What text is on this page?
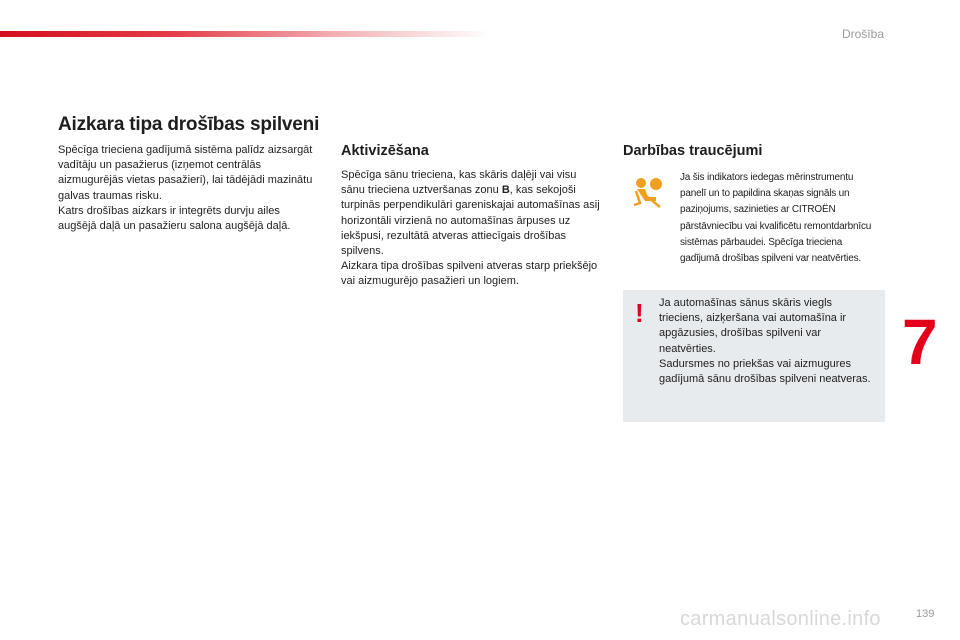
Drošība
Aizkara tipa drošības spilveni

Spēcīga trieciena gadījumā sistēma palīdz aizsargāt vadītāju un pasažierus (izņemot centrālās aizmugurējās vietas pasažieri), lai tādējādi mazinātu galvas traumas risku.

Katrs drošības aizkars ir integrēts durvju ailes augšējā daļā un pasažieru salona augšējā daļā.

Aktivizēšana

Spēcīga sānu trieciena, kas skāris daļēji vai visu sānu trieciena uztveršanas zonu B, kas sekojoši turpinās perpendikulāri gareniskajai automašīnas asij horizontāli virzienā no automašīnas ārpuses uz iekšpusi, rezultātā atveras attiecīgais drošības spilvens.

Aizkara tipa drošības spilveni atveras starp priekšējo vai aizmugurējo pasažieri un logiem.

Darbības traucējumi

Ja šis indikators iedegas mērinstrumentu panelī un to papildina skaņas signāls un paziņojums, sazinieties ar CITROËN pārstāvniecību vai kvalificētu remontdarbnīcu sistēmas pārbaudei. Spēcīga trieciena gadījumā drošības spilveni var neatvērties.

! Ja automašīnas sānus skāris viegls trieciens, aizķeršana vai automašīna ir apgāzusies, drošības spilveni var neatvērties.

Sadursmes no priekšas vai aizmugures gadījumā sānu drošības spilveni neatveras.

7
carmanualsonline.info	139
